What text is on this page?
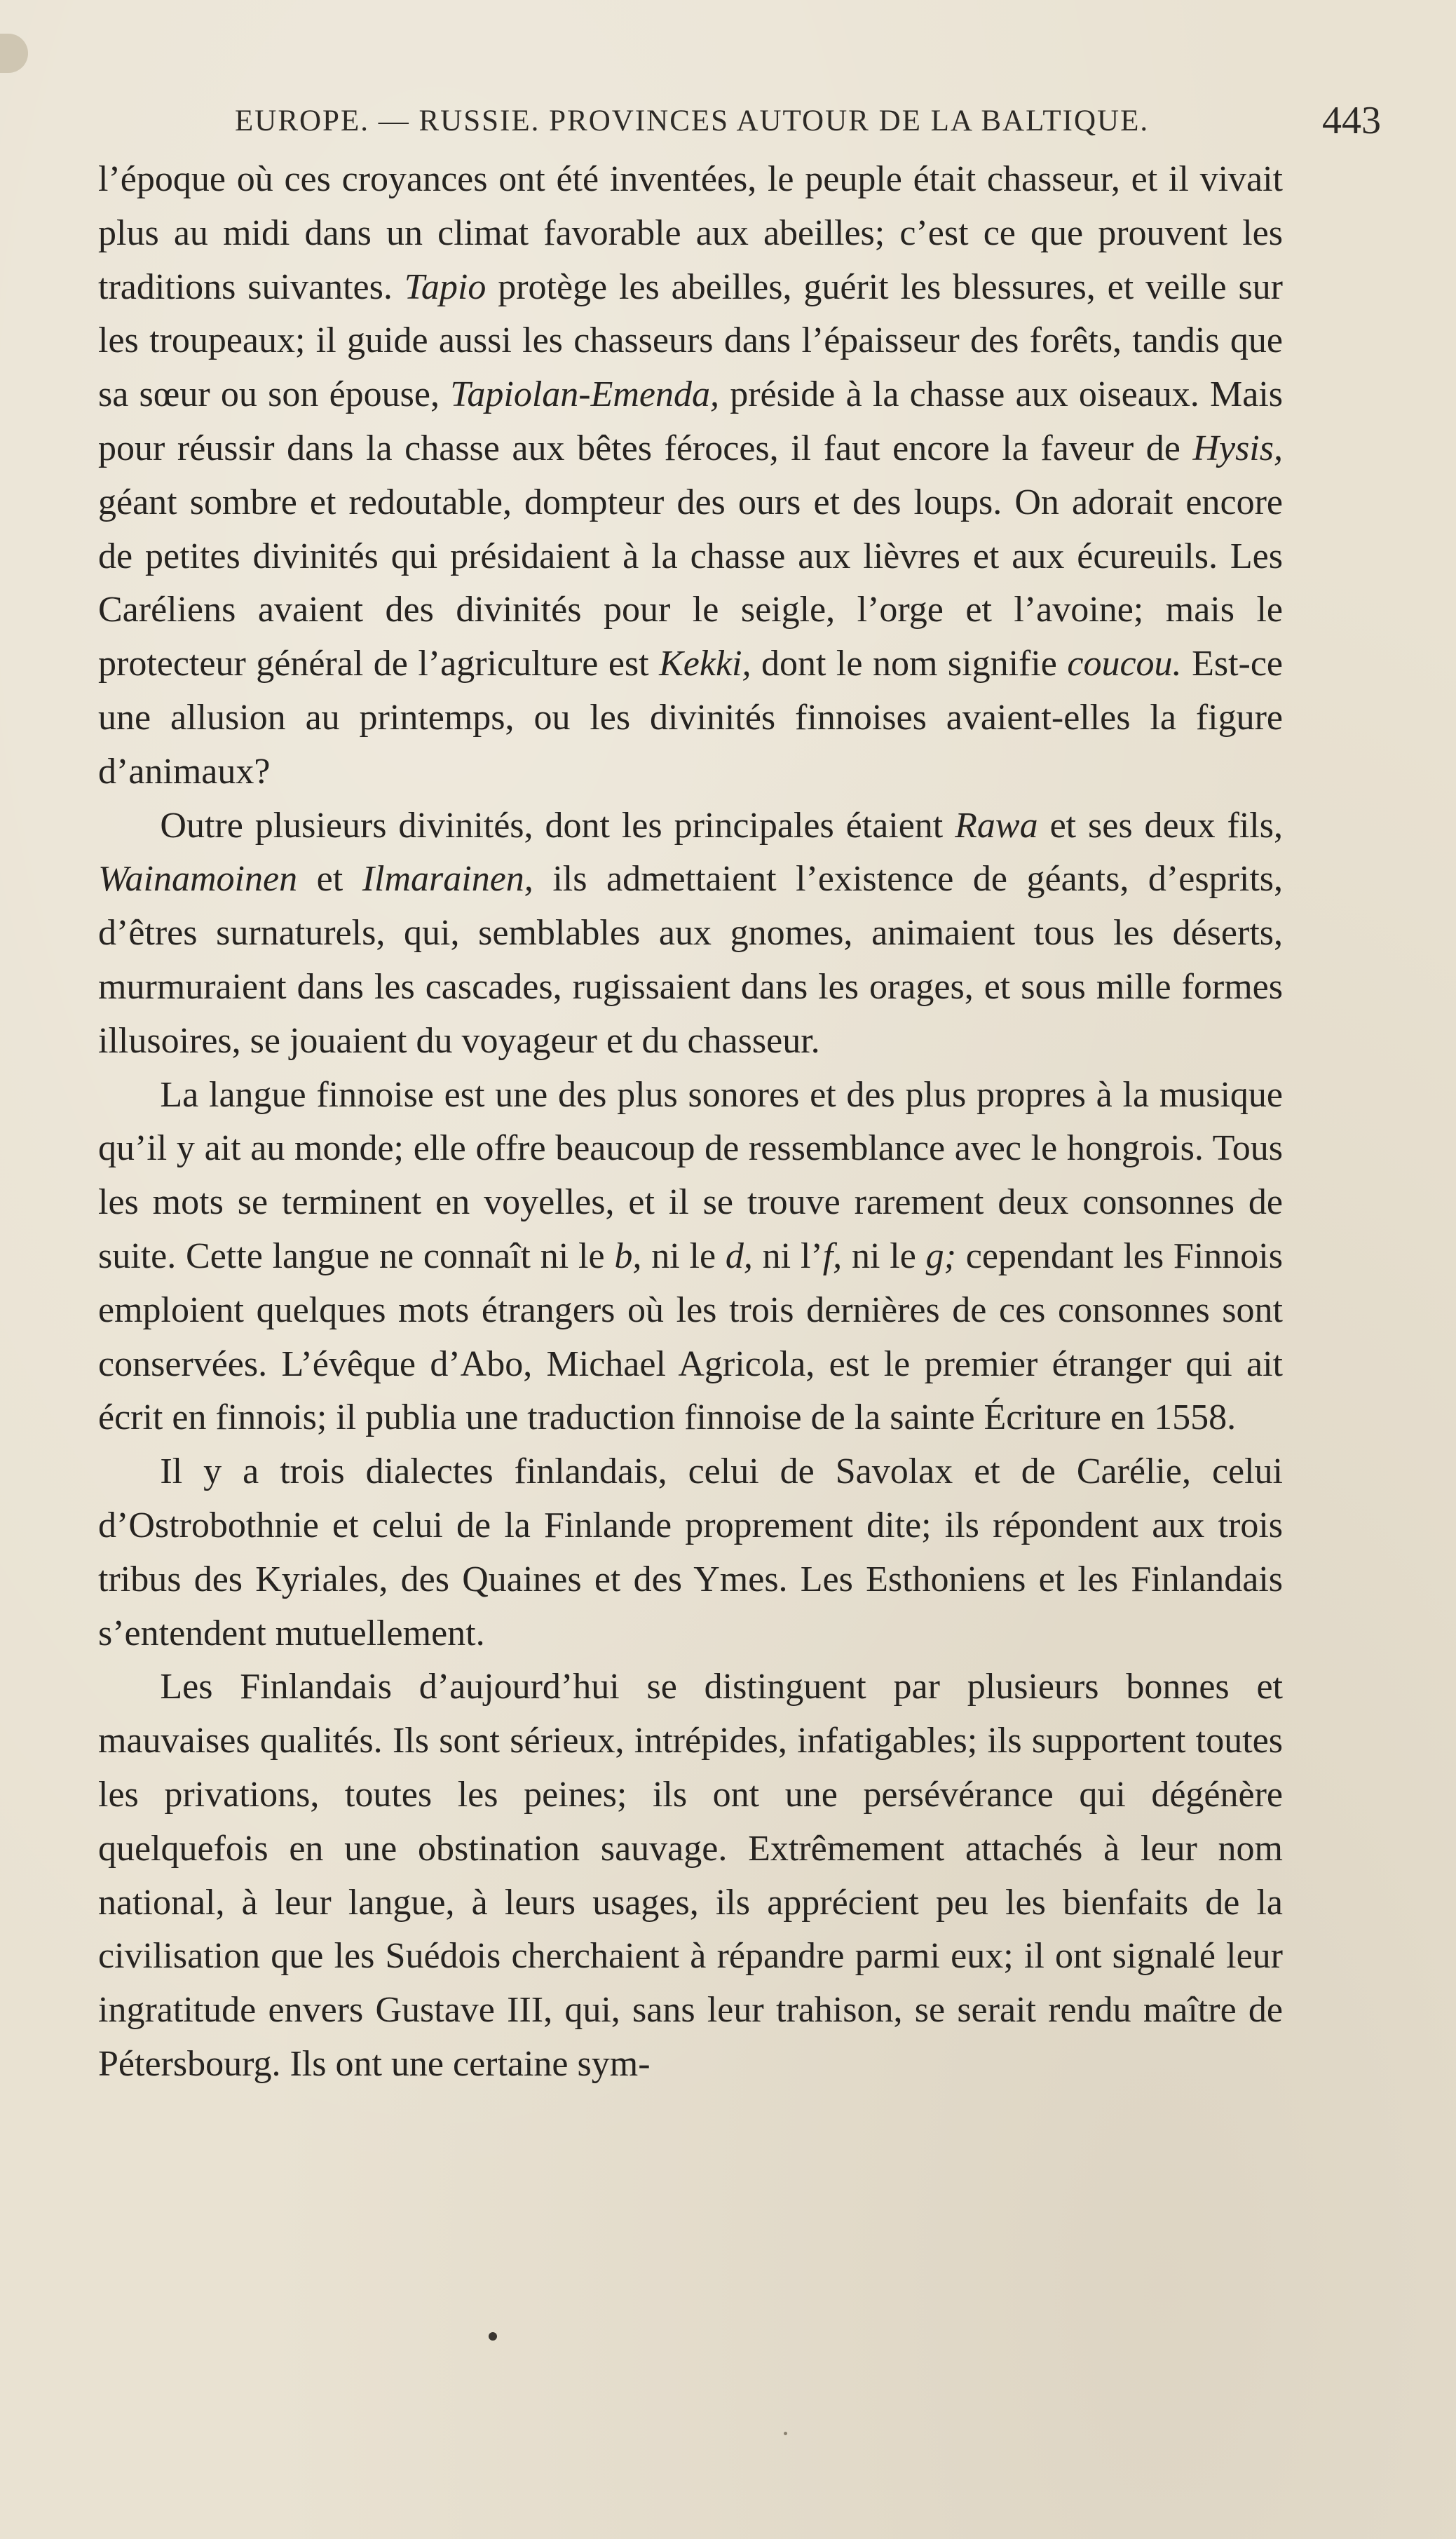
EUROPE. — RUSSIE. PROVINCES AUTOUR DE LA BALTIQUE.	443

l’époque où ces croyances ont été inventées, le peuple était chasseur, et il vivait plus au midi dans un climat favorable aux abeilles; c’est ce que prouvent les traditions suivantes. Tapio protège les abeilles, guérit les blessures, et veille sur les troupeaux; il guide aussi les chasseurs dans l’épaisseur des forêts, tandis que sa sœur ou son épouse, Tapiolan-Emenda, préside à la chasse aux oiseaux. Mais pour réussir dans la chasse aux bêtes féroces, il faut encore la faveur de Hysis, géant sombre et redoutable, dompteur des ours et des loups. On adorait encore de petites divinités qui présidaient à la chasse aux lièvres et aux écureuils. Les Caréliens avaient des divinités pour le seigle, l’orge et l’avoine; mais le protecteur général de l’agriculture est Kekki, dont le nom signifie coucou. Est-ce une allusion au printemps, ou les divinités finnoises avaient-elles la figure d’animaux?

Outre plusieurs divinités, dont les principales étaient Rawa et ses deux fils, Wainamoinen et Ilmarainen, ils admettaient l’existence de géants, d’esprits, d’êtres surnaturels, qui, semblables aux gnomes, animaient tous les déserts, murmuraient dans les cascades, rugissaient dans les orages, et sous mille formes illusoires, se jouaient du voyageur et du chasseur.

La langue finnoise est une des plus sonores et des plus propres à la musique qu’il y ait au monde; elle offre beaucoup de ressemblance avec le hongrois. Tous les mots se terminent en voyelles, et il se trouve rarement deux consonnes de suite. Cette langue ne connaît ni le b, ni le d, ni l’f, ni le g; cependant les Finnois emploient quelques mots étrangers où les trois dernières de ces consonnes sont conservées. L’évêque d’Abo, Michael Agricola, est le premier étranger qui ait écrit en finnois; il publia une traduction finnoise de la sainte Écriture en 1558.

Il y a trois dialectes finlandais, celui de Savolax et de Carélie, celui d’Ostrobothnie et celui de la Finlande proprement dite; ils répondent aux trois tribus des Kyriales, des Quaines et des Ymes. Les Esthoniens et les Finlandais s’entendent mutuellement.

Les Finlandais d’aujourd’hui se distinguent par plusieurs bonnes et mauvaises qualités. Ils sont sérieux, intrépides, infatigables; ils supportent toutes les privations, toutes les peines; ils ont une persévérance qui dégénère quelquefois en une obstination sauvage. Extrêmement attachés à leur nom national, à leur langue, à leurs usages, ils apprécient peu les bienfaits de la civilisation que les Suédois cherchaient à répandre parmi eux; il ont signalé leur ingratitude envers Gustave III, qui, sans leur trahison, se serait rendu maître de Pétersbourg. Ils ont une certaine sym-
